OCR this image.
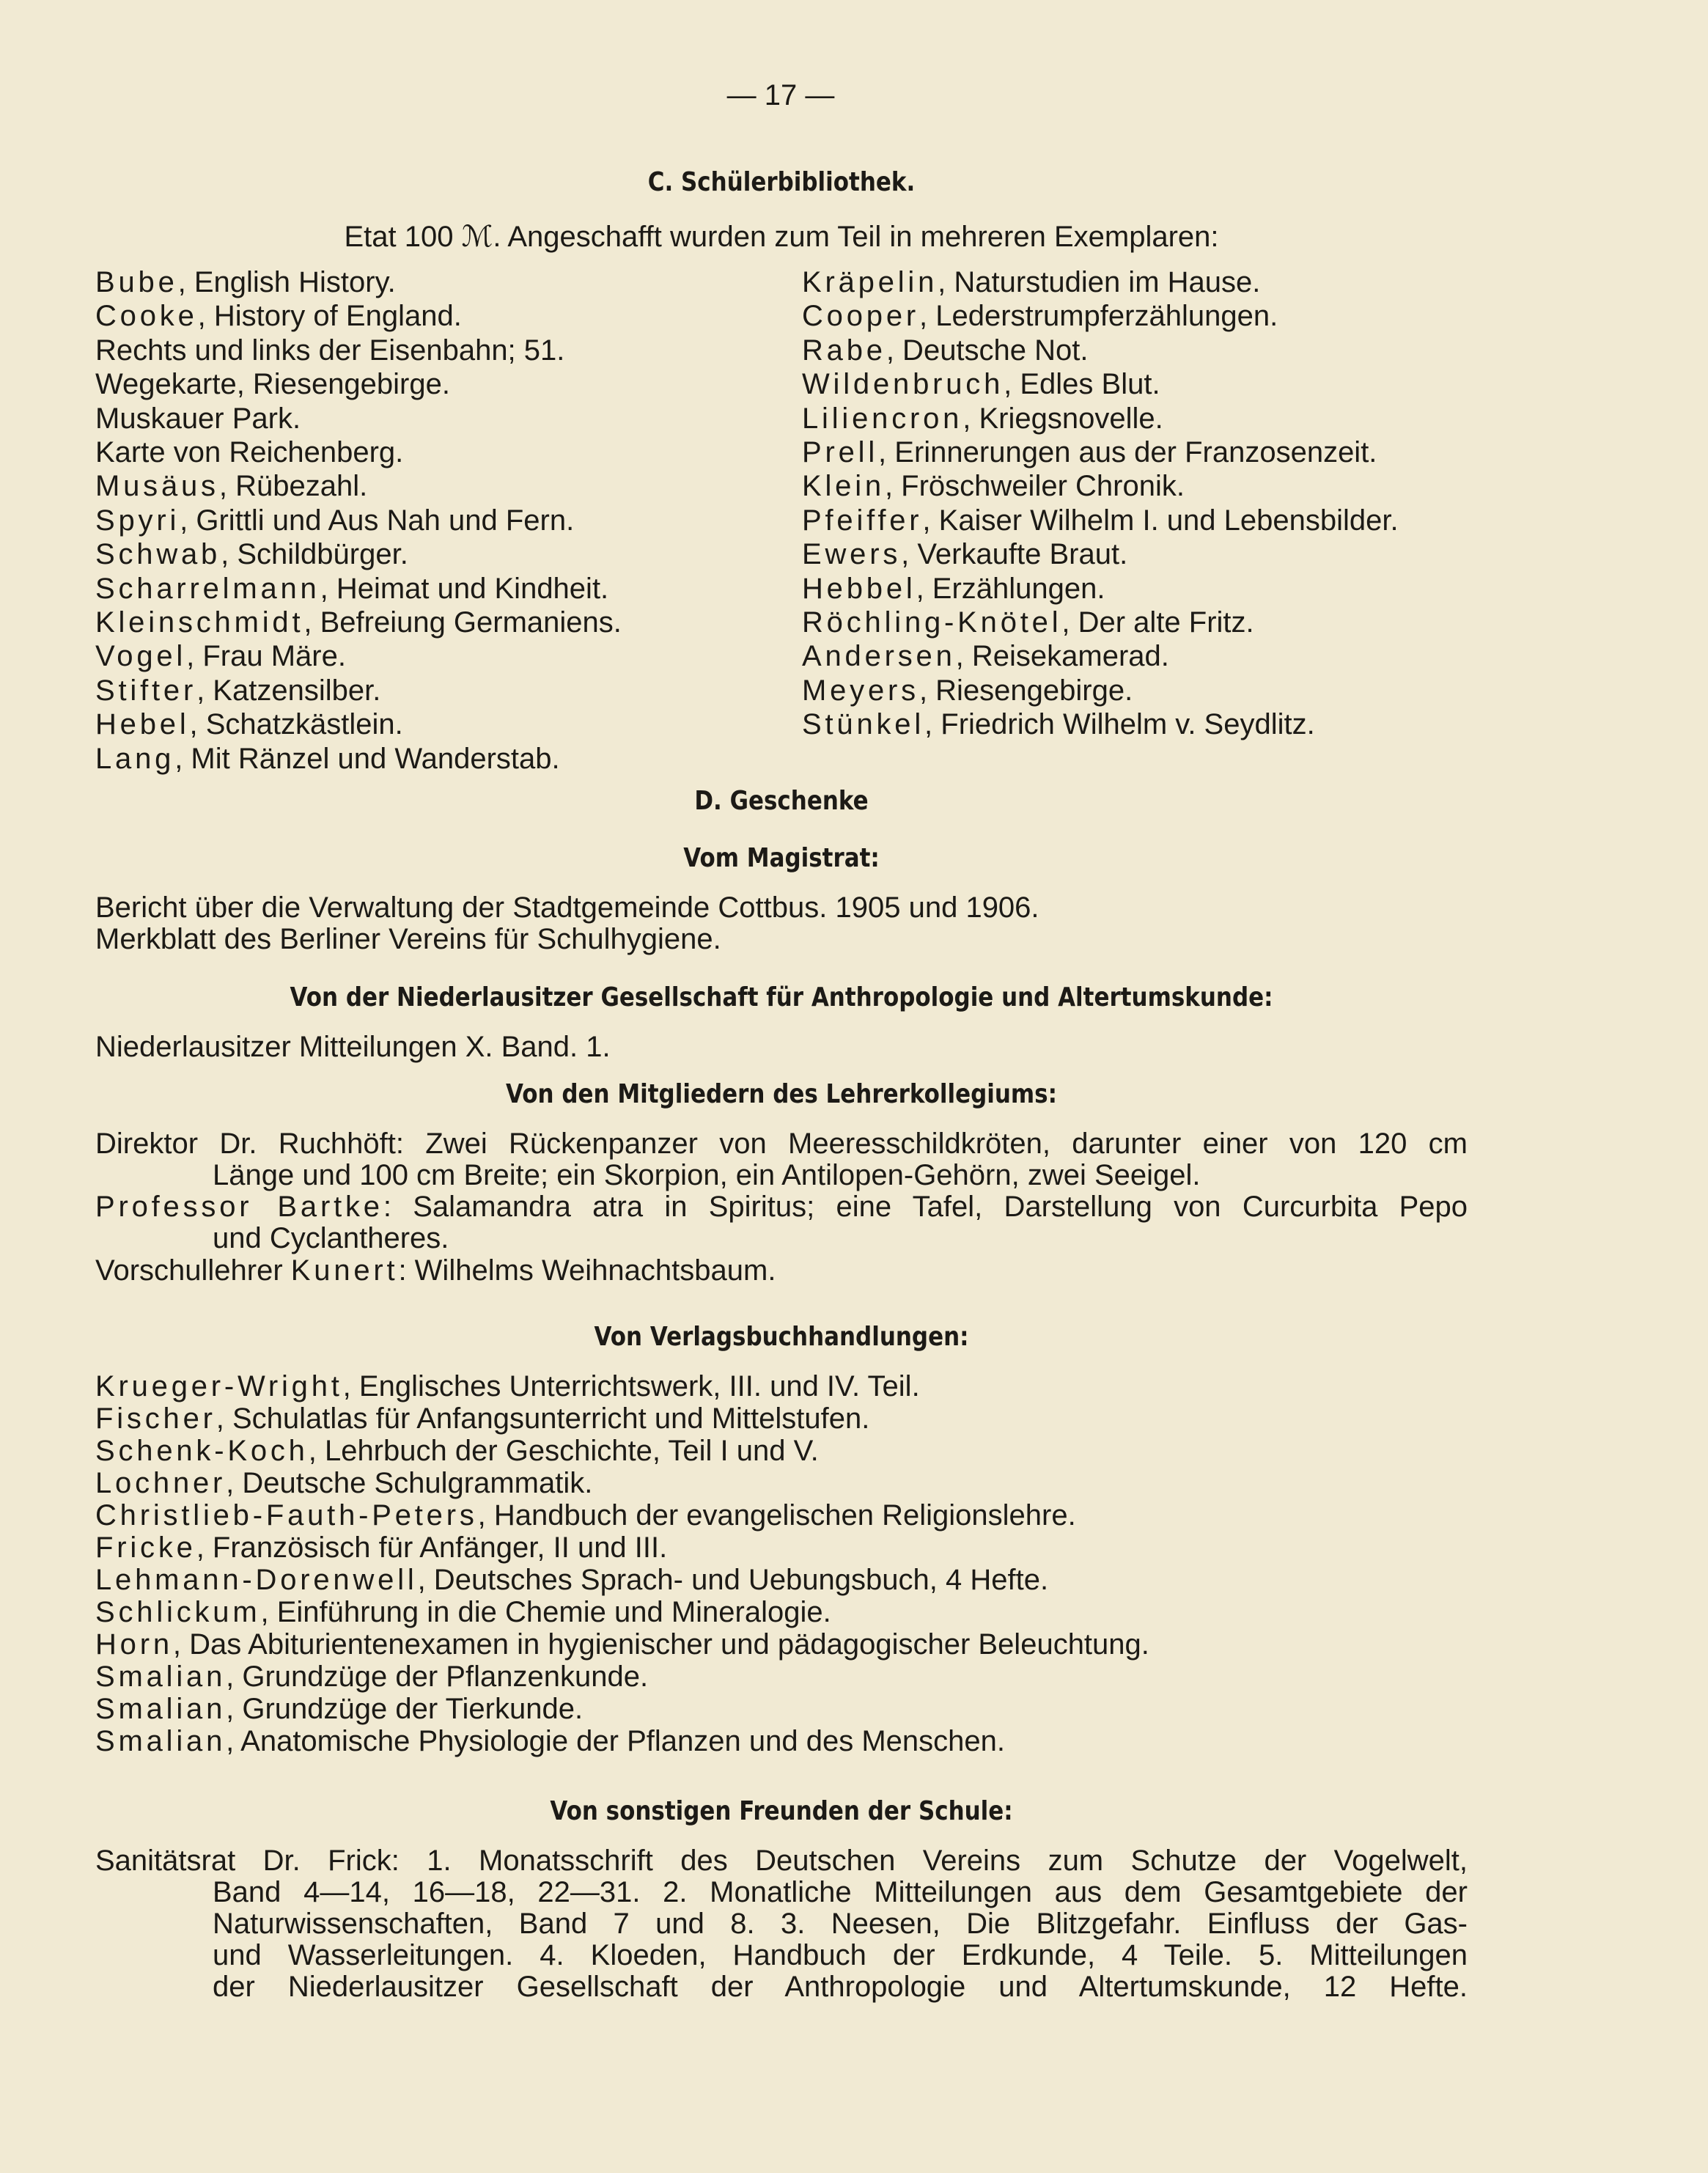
— 17 —
C. Schülerbibliothek.
Etat 100 ℳ. Angeschafft wurden zum Teil in mehreren Exemplaren:
Bube, English History.
Cooke, History of England.
Rechts und links der Eisenbahn; 51.
Wegekarte, Riesengebirge.
Muskauer Park.
Karte von Reichenberg.
Musäus, Rübezahl.
Spyri, Grittli und Aus Nah und Fern.
Schwab, Schildbürger.
Scharrelmann, Heimat und Kindheit.
Kleinschmidt, Befreiung Germaniens.
Vogel, Frau Märe.
Stifter, Katzensilber.
Hebel, Schatzkästlein.
Lang, Mit Ränzel und Wanderstab.
Kräpelin, Naturstudien im Hause.
Cooper, Lederstrumpferzählungen.
Rabe, Deutsche Not.
Wildenbruch, Edles Blut.
Liliencron, Kriegsnovelle.
Prell, Erinnerungen aus der Franzosenzeit.
Klein, Fröschweiler Chronik.
Pfeiffer, Kaiser Wilhelm I. und Lebensbilder.
Ewers, Verkaufte Braut.
Hebbel, Erzählungen.
Röchling-Knötel, Der alte Fritz.
Andersen, Reisekamerad.
Meyers, Riesengebirge.
Stünkel, Friedrich Wilhelm v. Seydlitz.
D. Geschenke
Vom Magistrat:
Bericht über die Verwaltung der Stadtgemeinde Cottbus. 1905 und 1906.
Merkblatt des Berliner Vereins für Schulhygiene.
Von der Niederlausitzer Gesellschaft für Anthropologie und Altertumskunde:
Niederlausitzer Mitteilungen X. Band. 1.
Von den Mitgliedern des Lehrerkollegiums:
Direktor Dr. Ruchhöft: Zwei Rückenpanzer von Meeresschildkröten, darunter einer von 120 cm
Länge und 100 cm Breite; ein Skorpion, ein Antilopen-Gehörn, zwei Seeigel.
Professor Bartke: Salamandra atra in Spiritus; eine Tafel, Darstellung von Curcurbita Pepo
und Cyclantheres.
Vorschullehrer Kunert: Wilhelms Weihnachtsbaum.
Von Verlagsbuchhandlungen:
Krueger-Wright, Englisches Unterrichtswerk, III. und IV. Teil.
Fischer, Schulatlas für Anfangsunterricht und Mittelstufen.
Schenk-Koch, Lehrbuch der Geschichte, Teil I und V.
Lochner, Deutsche Schulgrammatik.
Christlieb-Fauth-Peters, Handbuch der evangelischen Religionslehre.
Fricke, Französisch für Anfänger, II und III.
Lehmann-Dorenwell, Deutsches Sprach- und Uebungsbuch, 4 Hefte.
Schlickum, Einführung in die Chemie und Mineralogie.
Horn, Das Abiturientenexamen in hygienischer und pädagogischer Beleuchtung.
Smalian, Grundzüge der Pflanzenkunde.
Smalian, Grundzüge der Tierkunde.
Smalian, Anatomische Physiologie der Pflanzen und des Menschen.
Von sonstigen Freunden der Schule:
Sanitätsrat Dr. Frick: 1. Monatsschrift des Deutschen Vereins zum Schutze der Vogelwelt,
Band 4—14, 16—18, 22—31. 2. Monatliche Mitteilungen aus dem Gesamtgebiete der
Naturwissenschaften, Band 7 und 8. 3. Neesen, Die Blitzgefahr. Einfluss der Gas-
und Wasserleitungen. 4. Kloeden, Handbuch der Erdkunde, 4 Teile. 5. Mitteilungen
der Niederlausitzer Gesellschaft der Anthropologie und Altertumskunde, 12 Hefte.
